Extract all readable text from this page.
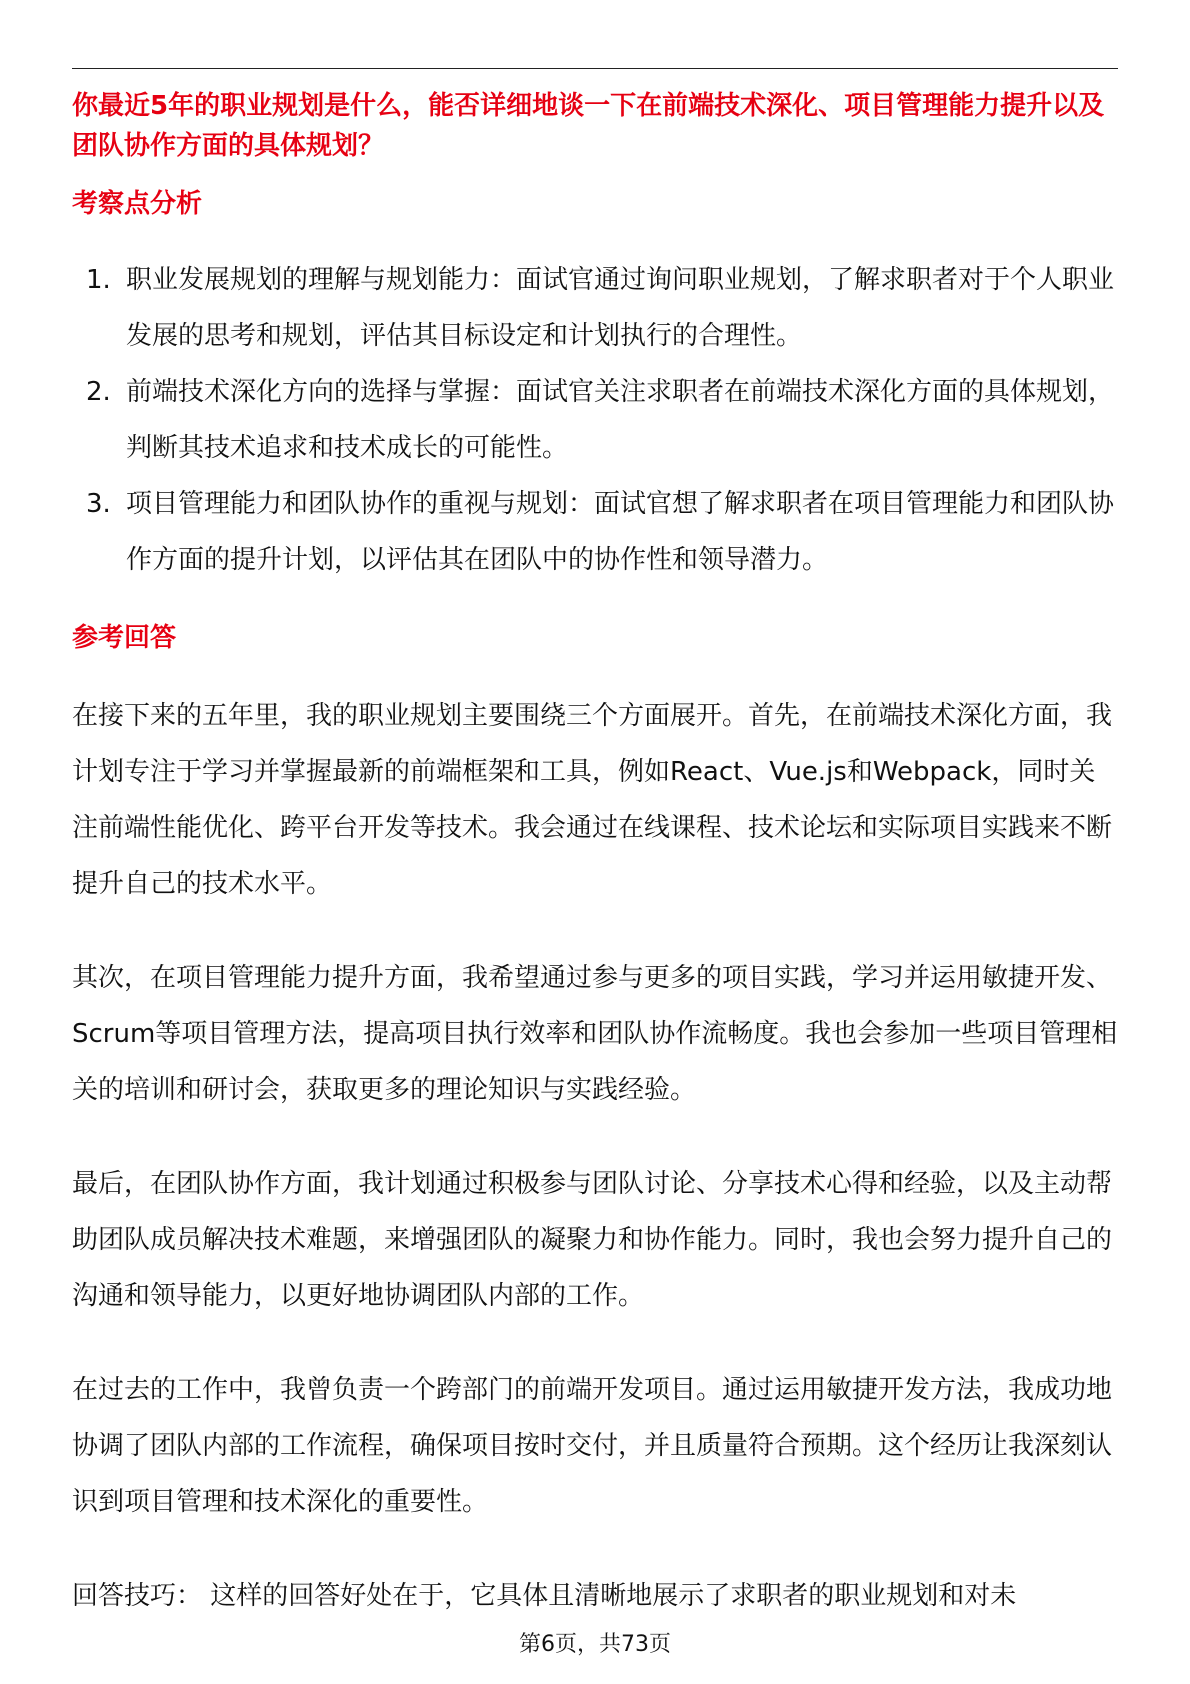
你最近5年的职业规划是什么，能否详细地谈一下在前端技术深化、项目管理能力提升以及团队协作方面的具体规划？

考察点分析
1. 职业发展规划的理解与规划能力：面试官通过询问职业规划，了解求职者对于个人职业发展的思考和规划，评估其目标设定和计划执行的合理性。
2. 前端技术深化方向的选择与掌握：面试官关注求职者在前端技术深化方面的具体规划，判断其技术追求和技术成长的可能性。
3. 项目管理能力和团队协作的重视与规划：面试官想了解求职者在项目管理能力和团队协作方面的提升计划，以评估其在团队中的协作性和领导潜力。
参考回答

在接下来的五年里，我的职业规划主要围绕三个方面展开。首先，在前端技术深化方面，我计划专注于学习并掌握最新的前端框架和工具，例如React、Vue.js和Webpack，同时关注前端性能优化、跨平台开发等技术。我会通过在线课程、技术论坛和实际项目实践来不断提升自己的技术水平。

其次，在项目管理能力提升方面，我希望通过参与更多的项目实践，学习并运用敏捷开发、Scrum等项目管理方法，提高项目执行效率和团队协作流畅度。我也会参加一些项目管理相关的培训和研讨会，获取更多的理论知识与实践经验。

最后，在团队协作方面，我计划通过积极参与团队讨论、分享技术心得和经验，以及主动帮助团队成员解决技术难题，来增强团队的凝聚力和协作能力。同时，我也会努力提升自己的沟通和领导能力，以更好地协调团队内部的工作。

在过去的工作中，我曾负责一个跨部门的前端开发项目。通过运用敏捷开发方法，我成功地协调了团队内部的工作流程，确保项目按时交付，并且质量符合预期。这个经历让我深刻认识到项目管理和技术深化的重要性。

回答技巧： 这样的回答好处在于，它具体且清晰地展示了求职者的职业规划和对未

第6页，共73页
